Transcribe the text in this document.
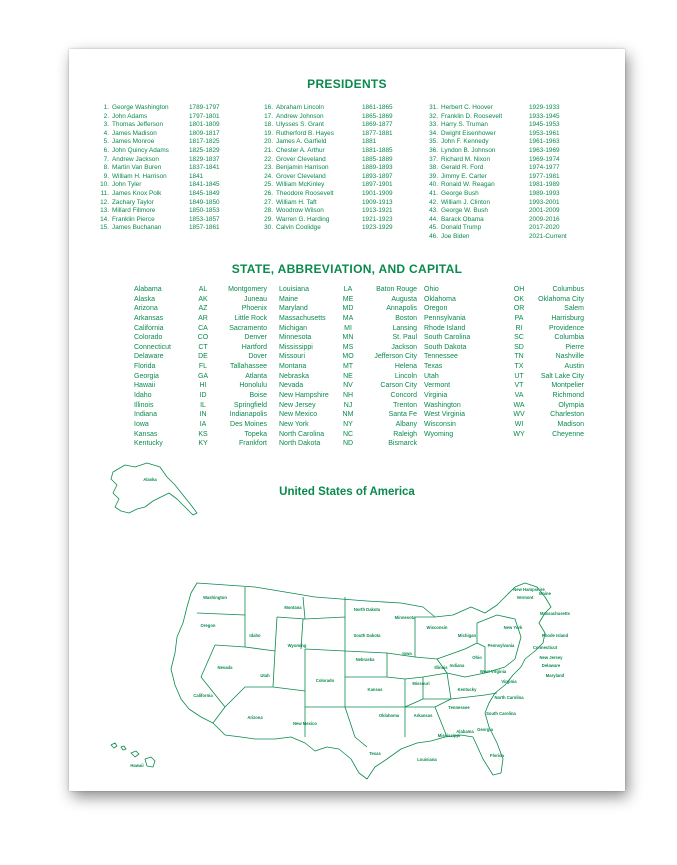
PRESIDENTS
1. George Washington	1789-1797
2. John Adams	1797-1801
3. Thomas Jefferson	1801-1809
4. James Madison	1809-1817
5. James Monroe	1817-1825
6. John Quincy Adams	1825-1829
7. Andrew Jackson	1829-1837
8. Martin Van Buren	1837-1841
9. William H. Harrison	1841
10. John Tyler	1841-1845
11. James Knox Polk	1845-1849
12. Zachary Taylor	1849-1850
13. Millard Fillmore	1850-1853
14. Franklin Pierce	1853-1857
15. James Buchanan	1857-1861
16. Abraham Lincoln	1861-1865
17. Andrew Johnson	1865-1869
18. Ulysses S. Grant	1869-1877
19. Rutherford B. Hayes	1877-1881
20. James A. Garfield	1881
21. Chester A. Arthur	1881-1885
22. Grover Cleveland	1885-1889
23. Benjamin Harrison	1889-1893
24. Grover Cleveland	1893-1897
25. William McKinley	1897-1901
26. Theodore Roosevelt	1901-1909
27. William H. Taft	1909-1913
28. Woodrow Wilson	1913-1921
29. Warren G. Harding	1921-1923
30. Calvin Coolidge	1923-1929
31. Herbert C. Hoover	1929-1933
32. Franklin D. Roosevelt	1933-1945
33. Harry S. Truman	1945-1953
34. Dwight Eisenhower	1953-1961
35. John F. Kennedy	1961-1963
36. Lyndon B. Johnson	1963-1969
37. Richard M. Nixon	1969-1974
38. Gerald R. Ford	1974-1977
39. Jimmy E. Carter	1977-1981
40. Ronald W. Reagan	1981-1989
41. George Bush	1989-1993
42. William J. Clinton	1993-2001
43. George W. Bush	2001-2009
44. Barack Obama	2009-2016
45. Donald Trump	2017-2020
46. Joe Biden	2021-Current
STATE, ABBREVIATION, AND CAPITAL
Alabama	AL	Montgomery
Alaska	AK	Juneau
Arizona	AZ	Phoenix
Arkansas	AR	Little Rock
California	CA	Sacramento
Colorado	CO	Denver
Connecticut	CT	Hartford
Delaware	DE	Dover
Florida	FL	Tallahassee
Georgia	GA	Atlanta
Hawaii	HI	Honolulu
Idaho	ID	Boise
Illinois	IL	Springfield
Indiana	IN	Indianapolis
Iowa	IA	Des Moines
Kansas	KS	Topeka
Kentucky	KY	Frankfort
Louisiana	LA	Baton Rouge
Maine	ME	Augusta
Maryland	MD	Annapolis
Massachusetts	MA	Boston
Michigan	MI	Lansing
Minnesota	MN	St. Paul
Mississippi	MS	Jackson
Missouri	MO	Jefferson City
Montana	MT	Helena
Nebraska	NE	Lincoln
Nevada	NV	Carson City
New Hampshire	NH	Concord
New Jersey	NJ	Trenton
New Mexico	NM	Santa Fe
New York	NY	Albany
North Carolina	NC	Raleigh
North Dakota	ND	Bismarck
Ohio	OH	Columbus
Oklahoma	OK	Oklahoma City
Oregon	OR	Salem
Pennsylvania	PA	Harrisburg
Rhode Island	RI	Providence
South Carolina	SC	Columbia
South Dakota	SD	Pierre
Tennessee	TN	Nashville
Texas	TX	Austin
Utah	UT	Salt Lake City
Vermont	VT	Montpelier
Virginia	VA	Richmond
Washington	WA	Olympia
West Virginia	WV	Charleston
Wisconsin	WI	Madison
Wyoming	WY	Cheyenne
United States of America
Alaska
Hawaii
Washington
Oregon
California
Nevada
Idaho
Montana
Wyoming
Utah
Arizona
Colorado
New Mexico
North Dakota
South Dakota
Nebraska
Kansas
Oklahoma
Texas
Minnesota
Iowa
Missouri
Arkansas
Louisiana
Wisconsin
Illinois
Mississippi
Michigan
Indiana
Kentucky
Tennessee
Alabama Georgia
Florida
Ohio
West Virginia
Virginia
North Carolina
South Carolina
Pennsylvania
New York
Vermont
New Hampshire
Maine
Massachusetts
Rhode Island
Connecticut
New Jersey
Delaware
Maryland
